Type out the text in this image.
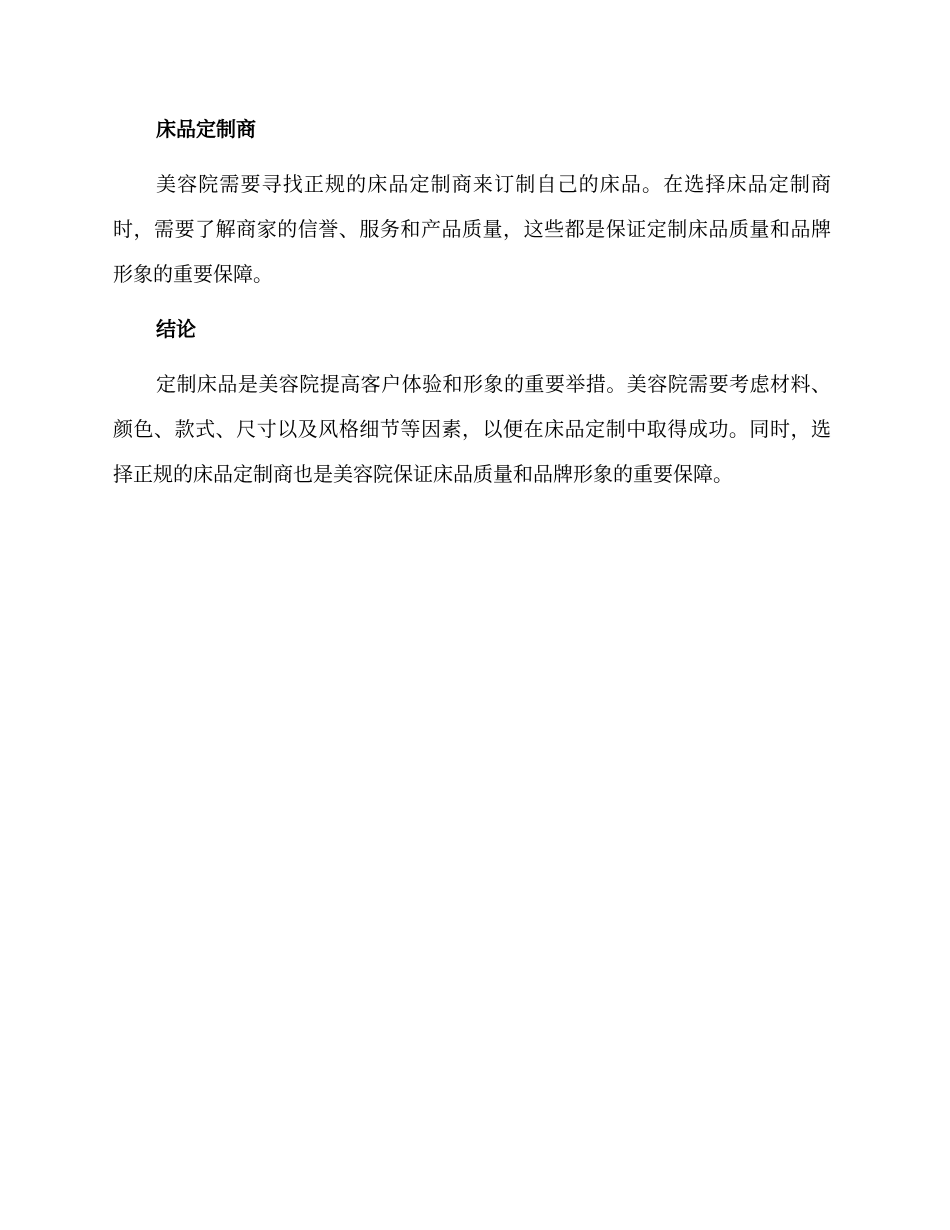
床品定制商

美容院需要寻找正规的床品定制商来订制自己的床品。在选择床品定制商时，需要了解商家的信誉、服务和产品质量，这些都是保证定制床品质量和品牌形象的重要保障。

结论

定制床品是美容院提高客户体验和形象的重要举措。美容院需要考虑材料、颜色、款式、尺寸以及风格细节等因素，以便在床品定制中取得成功。同时，选择正规的床品定制商也是美容院保证床品质量和品牌形象的重要保障。
